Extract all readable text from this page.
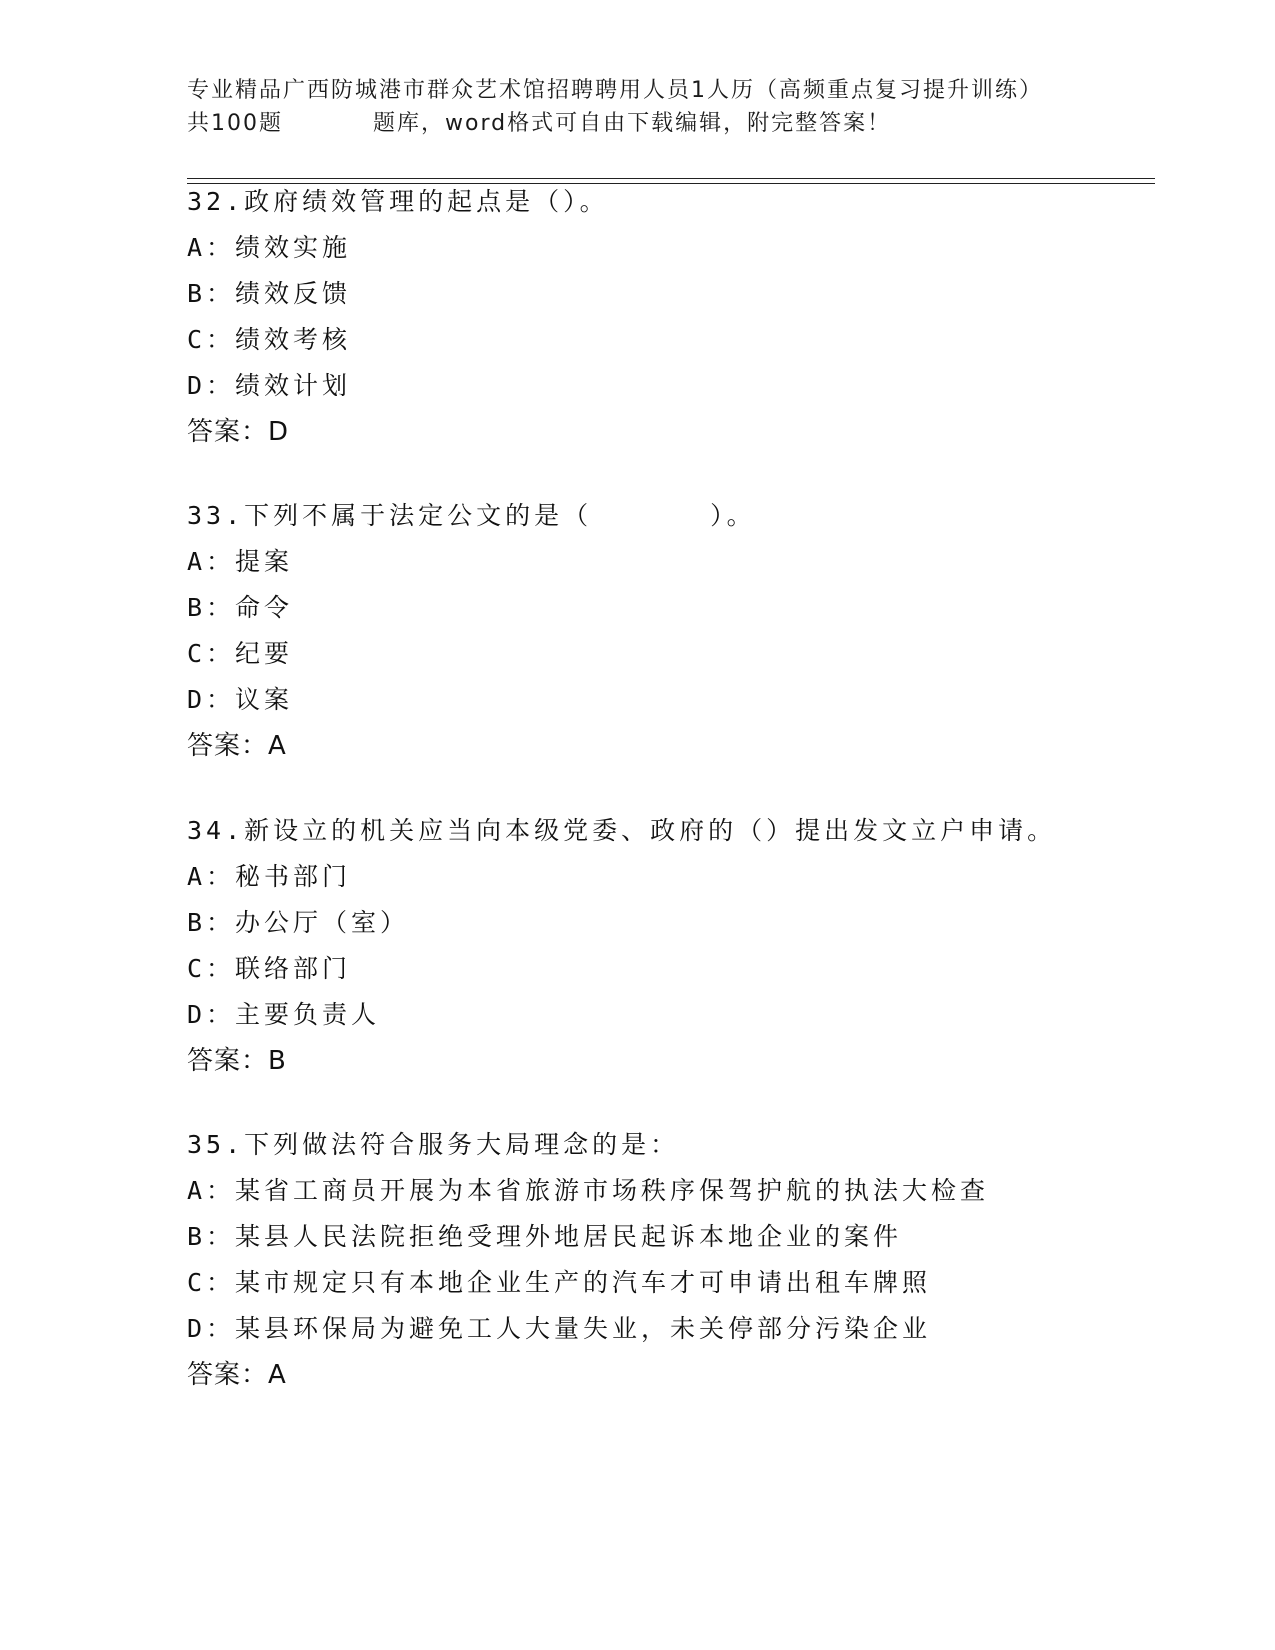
专业精品广西防城港市群众艺术馆招聘聘用人员1人历（高频重点复习提升训练）
共100题	题库，word格式可自由下载编辑，附完整答案！
32.政府绩效管理的起点是（）。
A：绩效实施
B：绩效反馈
C：绩效考核
D：绩效计划
答案：D
33.下列不属于法定公文的是（	）。
A：提案
B：命令
C：纪要
D：议案
答案：A
34.新设立的机关应当向本级党委、政府的（）提出发文立户申请。
A：秘书部门
B：办公厅（室）
C：联络部门
D：主要负责人
答案：B
35.下列做法符合服务大局理念的是：
A：某省工商员开展为本省旅游市场秩序保驾护航的执法大检查
B：某县人民法院拒绝受理外地居民起诉本地企业的案件
C：某市规定只有本地企业生产的汽车才可申请出租车牌照
D：某县环保局为避免工人大量失业，未关停部分污染企业
答案：A
